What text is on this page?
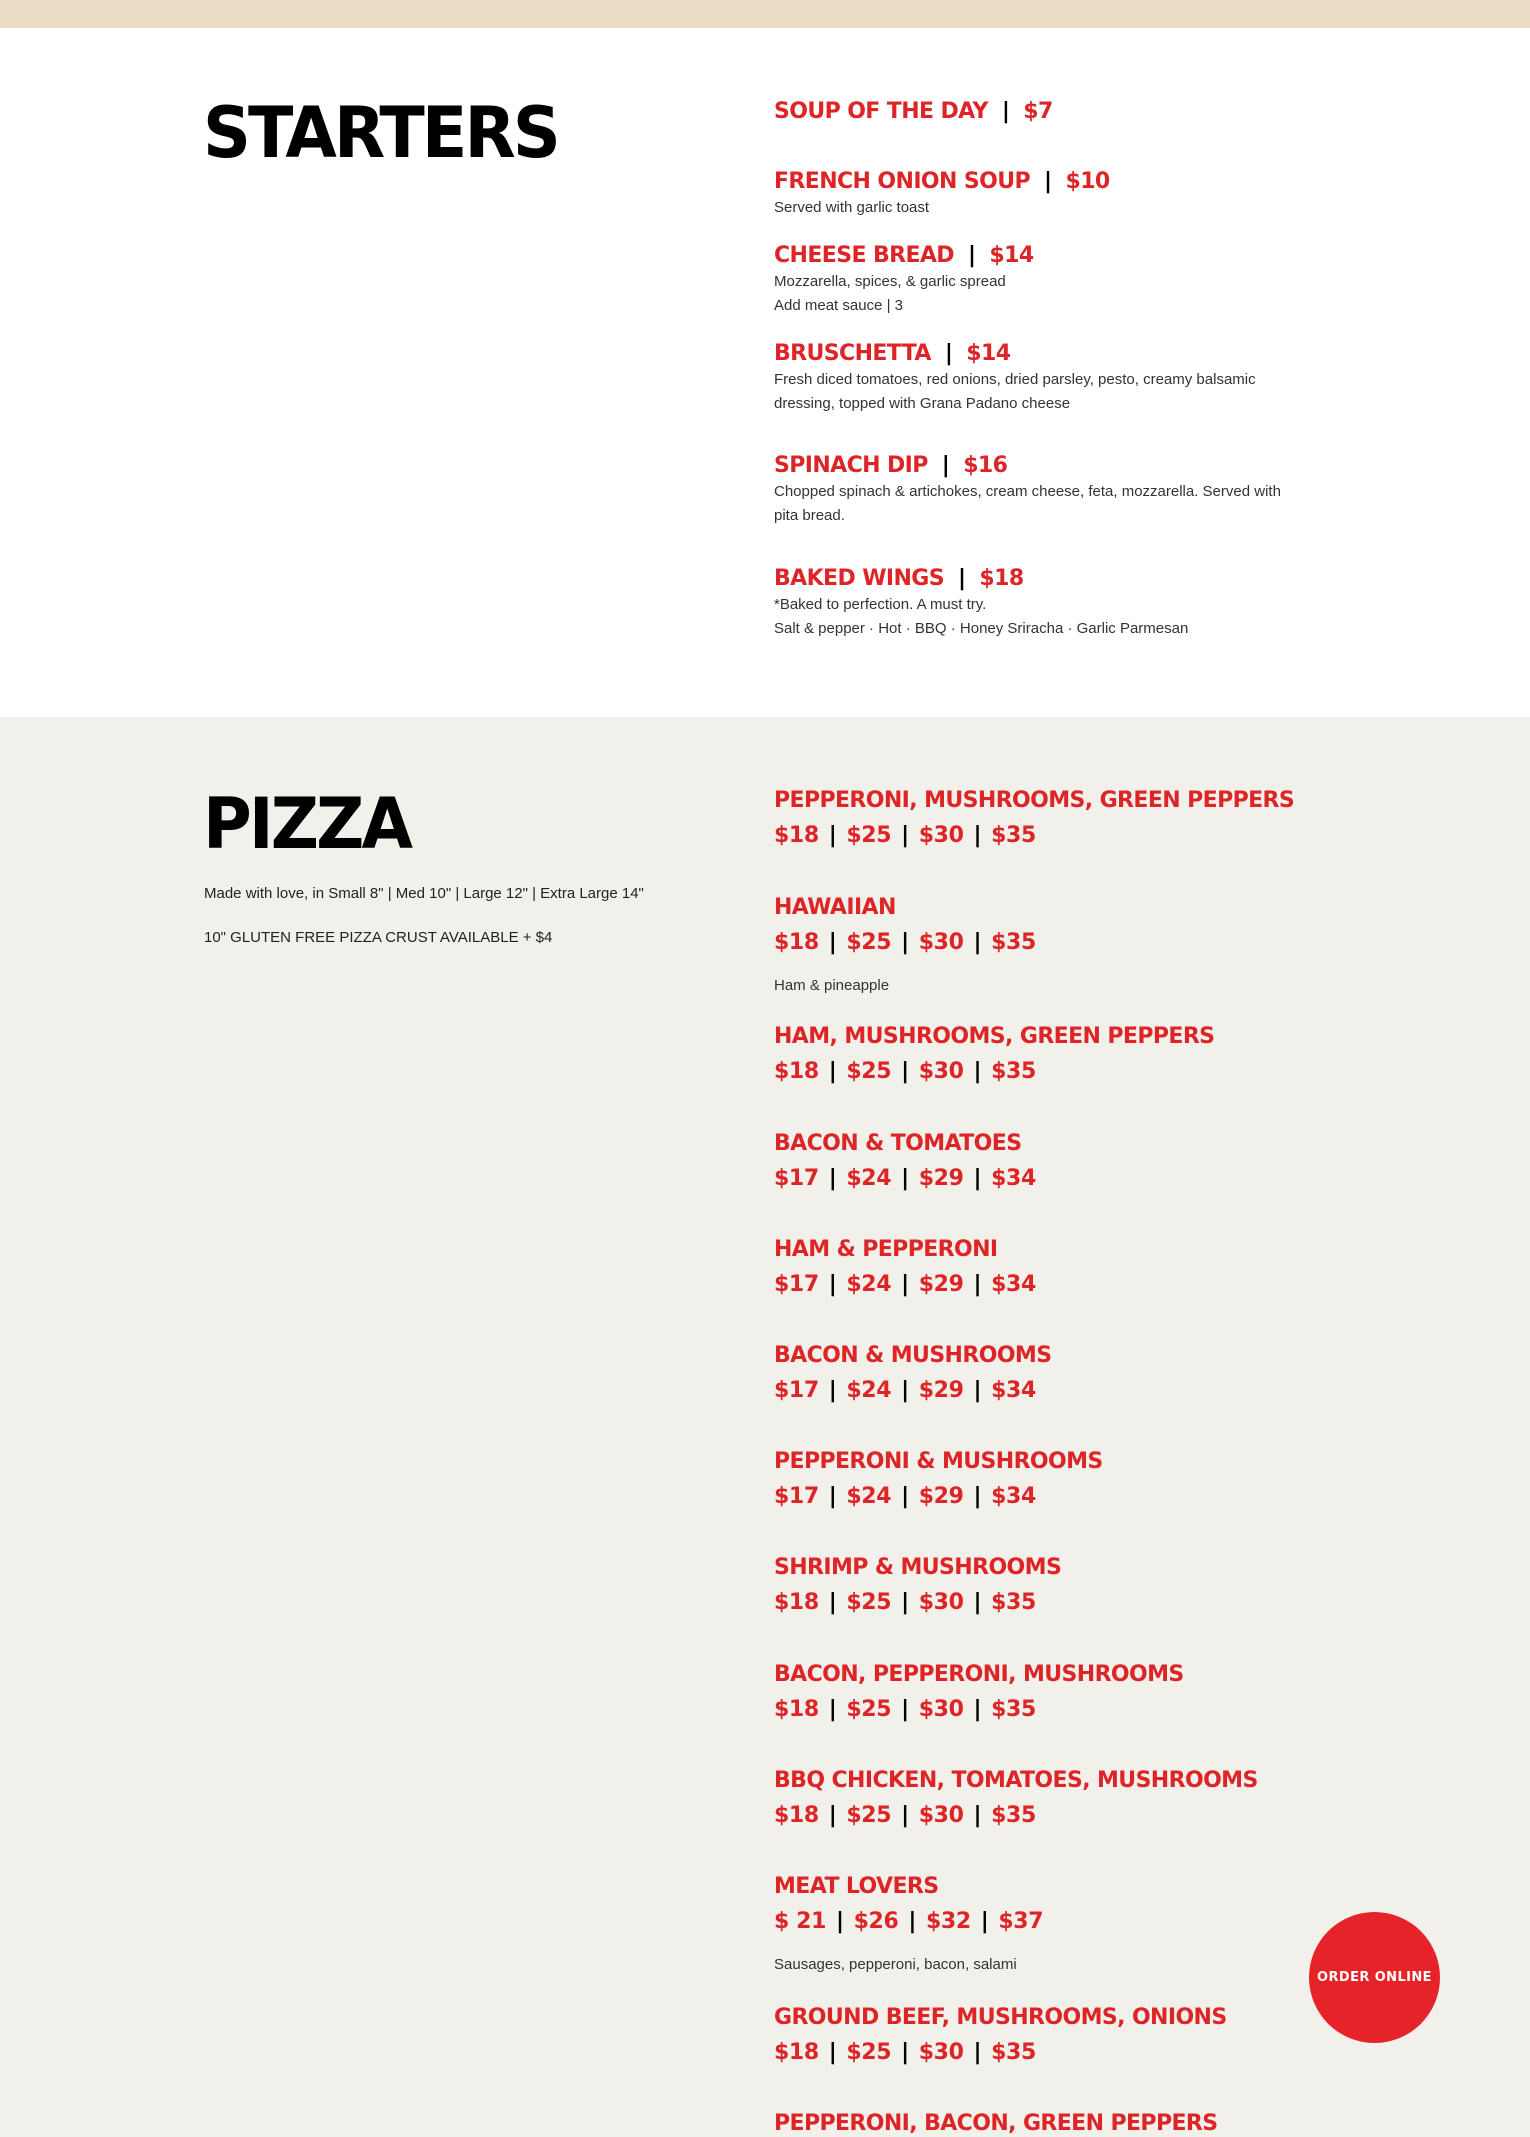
STARTERS	SOUP OF THE DAY | $7
FRENCH ONION SOUP | $10
Served with garlic toast
CHEESE BREAD | $14
Mozzarella, spices, & garlic spread
Add meat sauce | 3
BRUSCHETTA | $14
Fresh diced tomatoes, red onions, dried parsley, pesto, creamy balsamic
dressing, topped with Grana Padano cheese
SPINACH DIP | $16
Chopped spinach & artichokes, cream cheese, feta, mozzarella. Served with
pita bread.
BAKED WINGS | $18
*Baked to perfection. A must try.
Salt & pepper · Hot · BBQ · Honey Sriracha · Garlic Parmesan
PIZZA

Made with love, in Small 8" | Med 10" | Large 12" | Extra Large 14"

10" GLUTEN FREE PIZZA CRUST AVAILABLE + $4

PEPPERONI, MUSHROOMS, GREEN PEPPERS
$18 | $25 | $30 | $35
HAWAIIAN
$18 | $25 | $30 | $35
Ham & pineapple
HAM, MUSHROOMS, GREEN PEPPERS
$18 | $25 | $30 | $35
BACON & TOMATOES
$17 | $24 | $29 | $34
HAM & PEPPERONI
$17 | $24 | $29 | $34
BACON & MUSHROOMS
$17 | $24 | $29 | $34
PEPPERONI & MUSHROOMS
$17 | $24 | $29 | $34
SHRIMP & MUSHROOMS
$18 | $25 | $30 | $35
BACON, PEPPERONI, MUSHROOMS
$18 | $25 | $30 | $35
BBQ CHICKEN, TOMATOES, MUSHROOMS
$18 | $25 | $30 | $35
MEAT LOVERS
$ 21 | $26 | $32 | $37
Sausages, pepperoni, bacon, salami
GROUND BEEF, MUSHROOMS, ONIONS
$18 | $25 | $30 | $35
PEPPERONI, BACON, GREEN PEPPERS
ORDER ONLINE
